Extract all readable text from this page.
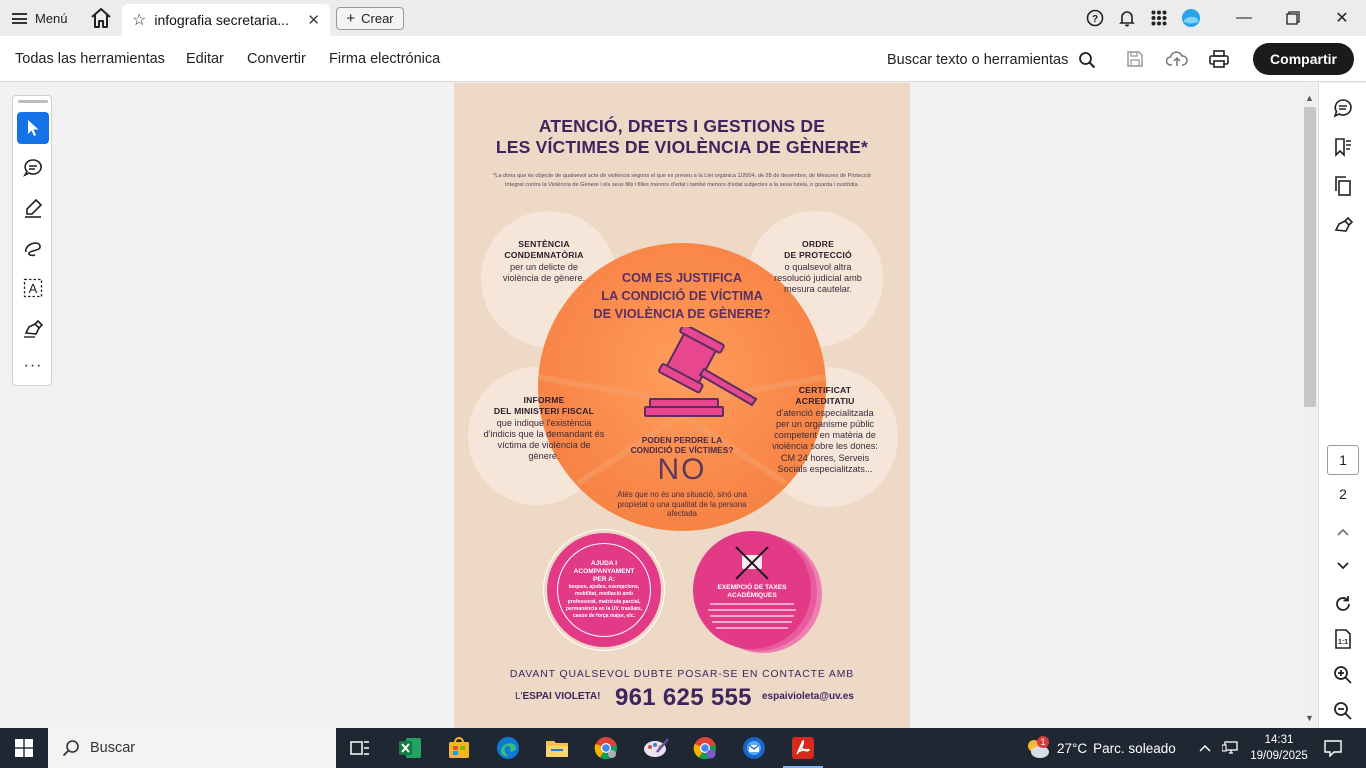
Menú	☆ infografia secretaria...	✕ + Crear	?	—	✕
Todas las herramientas Editar Convertir Firma electrónica	Buscar texto o herramientas	Compartir
A
···
ATENCIÓ, DRETS I GESTIONS DE
LES VÍCTIMES DE VIOLÈNCIA DE GÈNERE*
*La dona que és objecte de qualsevol acte de violència segons el que es preveu a la Llei orgànica 1/2004, de 28 de desembre, de Mesures de Protecció Integral contra la Violència de Gènere i els seus fills i filles menors d'edat i també menors d'edat subjectes a la seua tutela, o guarda i custòdia.
SENTÈNCIA
CONDEMNATÒRIA
per un delicte de violència de gènere.
ORDRE
DE PROTECCIÓ
o qualsevol altra resolució judicial amb mesura cautelar.
INFORME
DEL MINISTERI FISCAL
que indique l'existència d'indicis que la demandant és víctima de violència de gènere.
CERTIFICAT
ACREDITATIU
d'atenció especialitzada per un organisme públic competent en matèria de violència sobre les dones: CM 24 hores, Serveis Socials especialitzats...
COM ES JUSTIFICA
LA CONDICIÓ DE VÍCTIMA
DE VIOLÈNCIA DE GÈNERE?
PODEN PERDRE LA
CONDICIÓ DE VÍCTIMES?
NO
Atès que no és una situació, sinó una propietat o una qualitat de la persona afectada
AJUDA I ACOMPANYAMENT PER A:
beques, ajudes, exempcions, mobilitat, mediació amb professorat, matrícula parcial, permanència en la UV, trasllats, casos de força major, etc.
EXEMPCIÓ DE TAXES ACADÈMIQUES
DAVANT QUALSEVOL DUBTE POSAR-SE EN CONTACTE AMB
L'ESPAI VIOLETA! 961 625 555 espaivioleta@uv.es
▲
▼
1
2
1:1
Buscar	1 27°C Parc. soleado
14:31
19/09/2025
